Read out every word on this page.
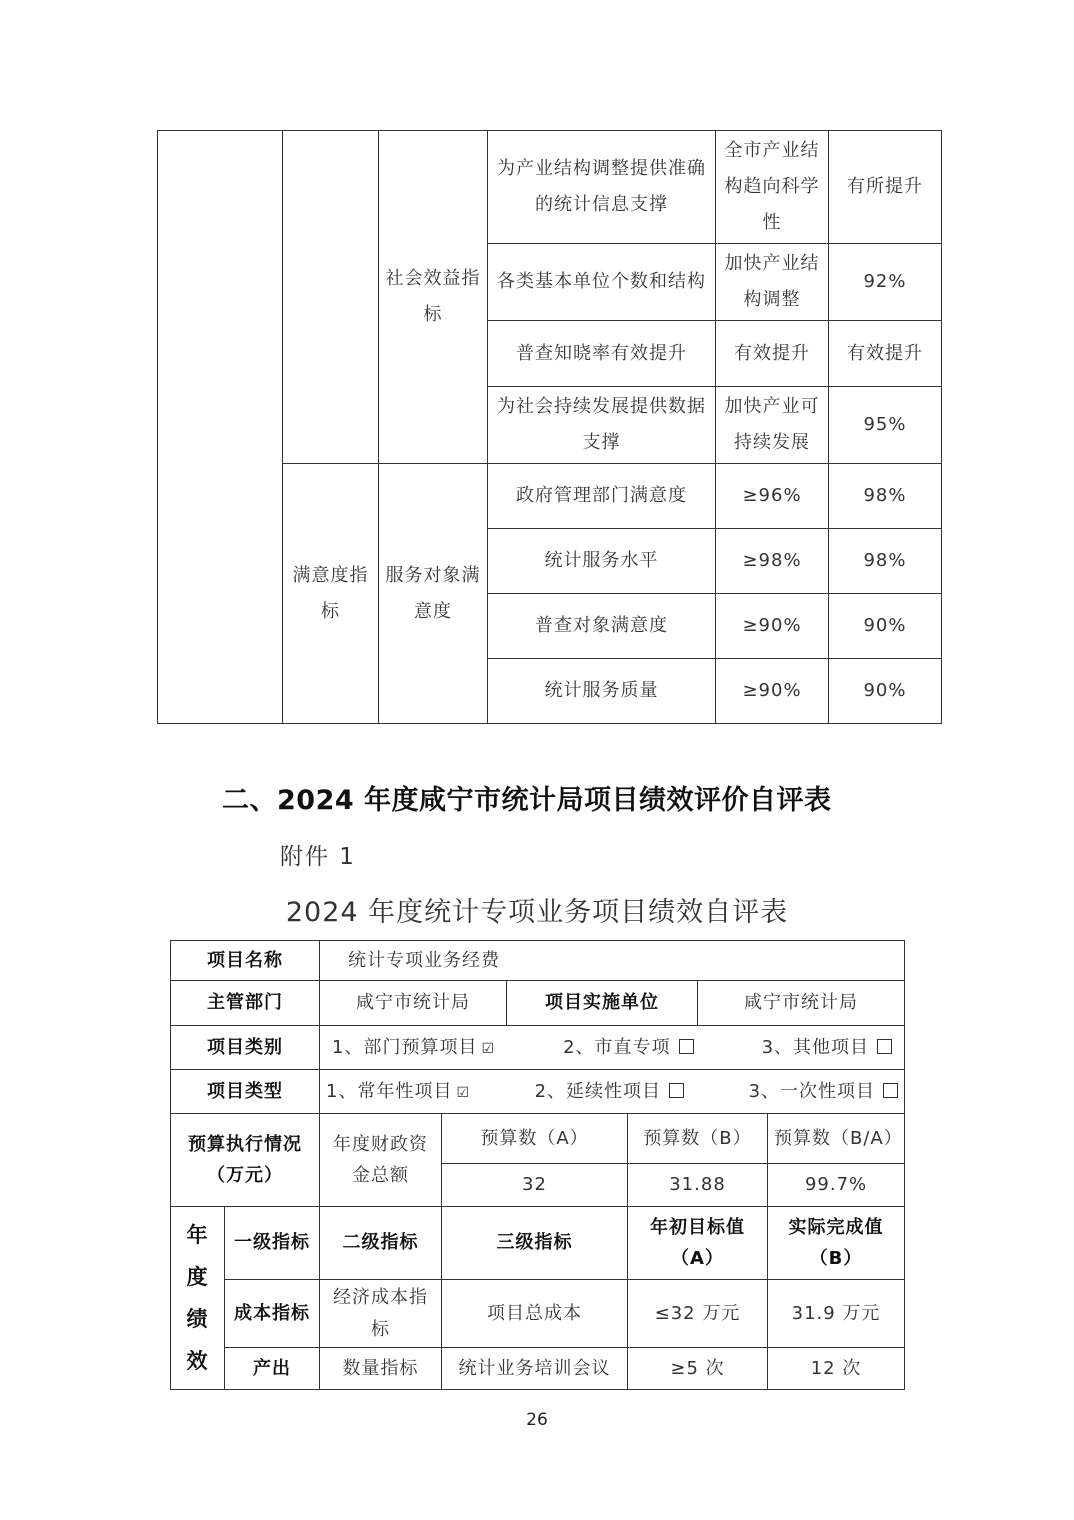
		社会效益指标	为产业结构调整提供准确的统计信息支撑	全市产业结构趋向科学性	有所提升
			各类基本单位个数和结构	加快产业结构调整	92%
			普查知晓率有效提升	有效提升	有效提升
			为社会持续发展提供数据支撑	加快产业可持续发展	95%
	满意度指标	服务对象满意度	政府管理部门满意度	≥96%	98%
			统计服务水平	≥98%	98%
			普查对象满意度	≥90%	90%
			统计服务质量	≥90%	90%
二、2024 年度咸宁市统计局项目绩效评价自评表
附件 1
2024 年度统计专项业务项目绩效自评表
项目名称		统计专项业务经费					
主管部门		咸宁市统计局		项目实施单位		咸宁市统计局	
项目类别		1、部门预算项目 ☑ 2、市直专项 3、其他项目					

项目类型		1、常年性项目 ☑ 2、延续性项目 3、一次性项目					

预算执行情况（万元）		年度财政资金总额	预算数（A）		预算数（B）		预算数（B/A）
			32		31.88		99.7%
年度绩效	一级指标	二级指标	三级指标		年初目标值（A）		实际完成值（B）
	成本指标	经济成本指标	项目总成本		≤32 万元		31.9 万元
	产出	数量指标	统计业务培训会议		≥5 次		12 次
26
